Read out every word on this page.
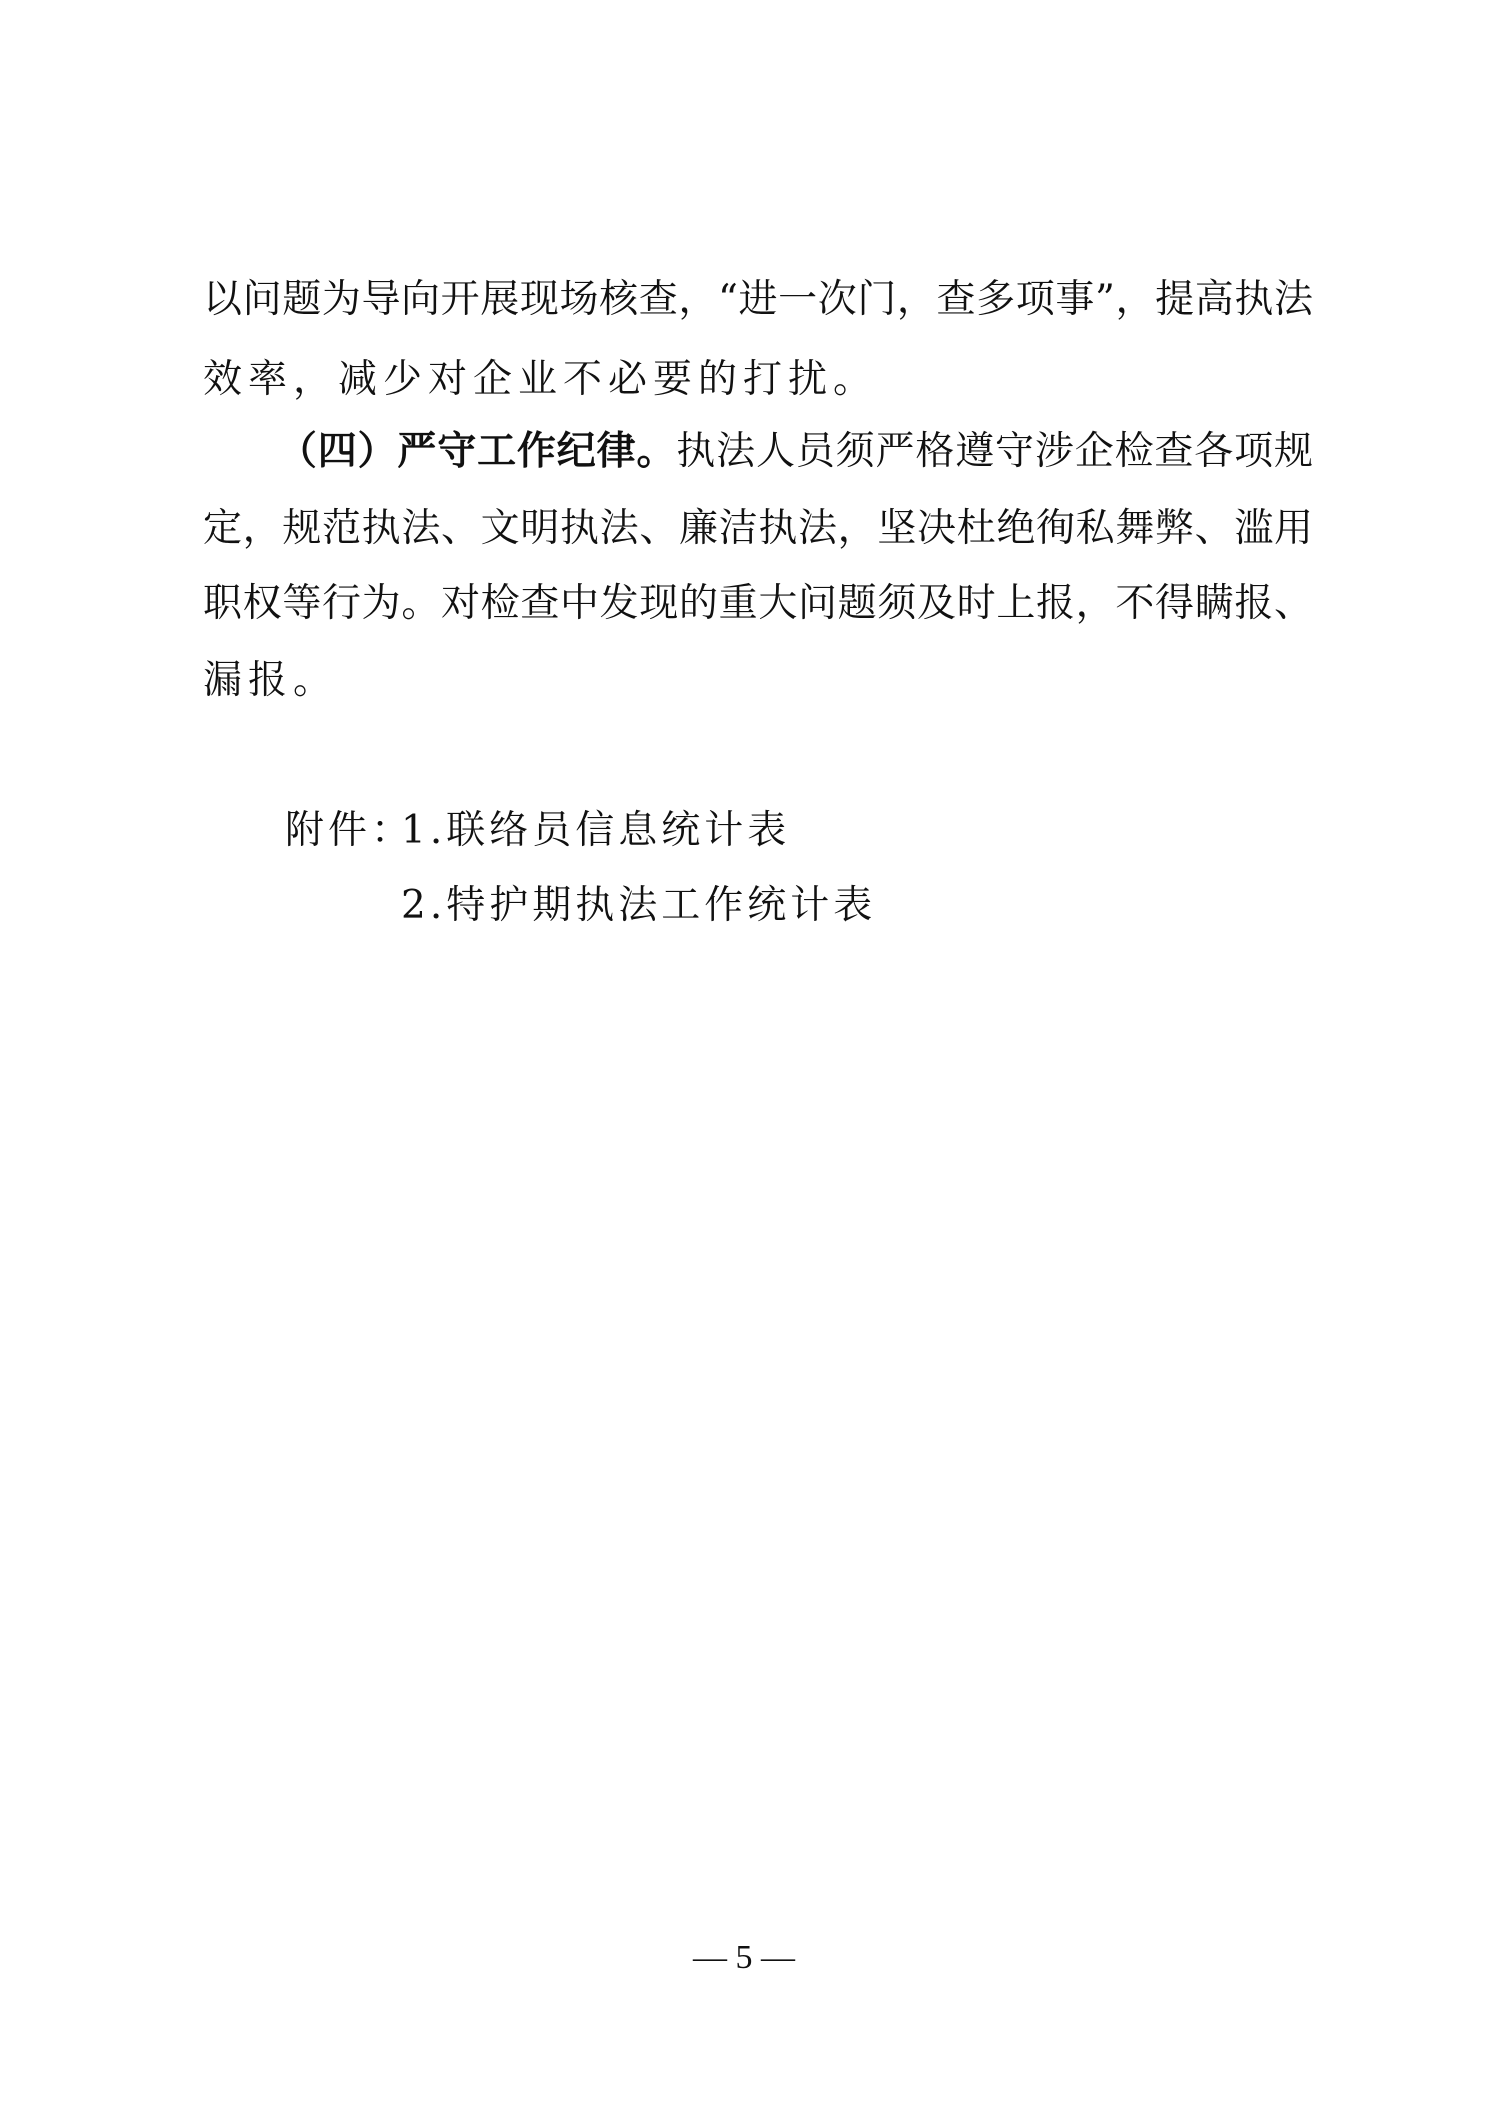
以问题为导向开展现场核查，“进一次门，查多项事”，提高执法
效率，减少对企业不必要的打扰。
（四）严守工作纪律。执法人员须严格遵守涉企检查各项规
定，规范执法、文明执法、廉洁执法，坚决杜绝徇私舞弊、滥用
职权等行为。对检查中发现的重大问题须及时上报，不得瞒报、
漏报。
附件：
1.联络员信息统计表
2.特护期执法工作统计表
— 5 —
